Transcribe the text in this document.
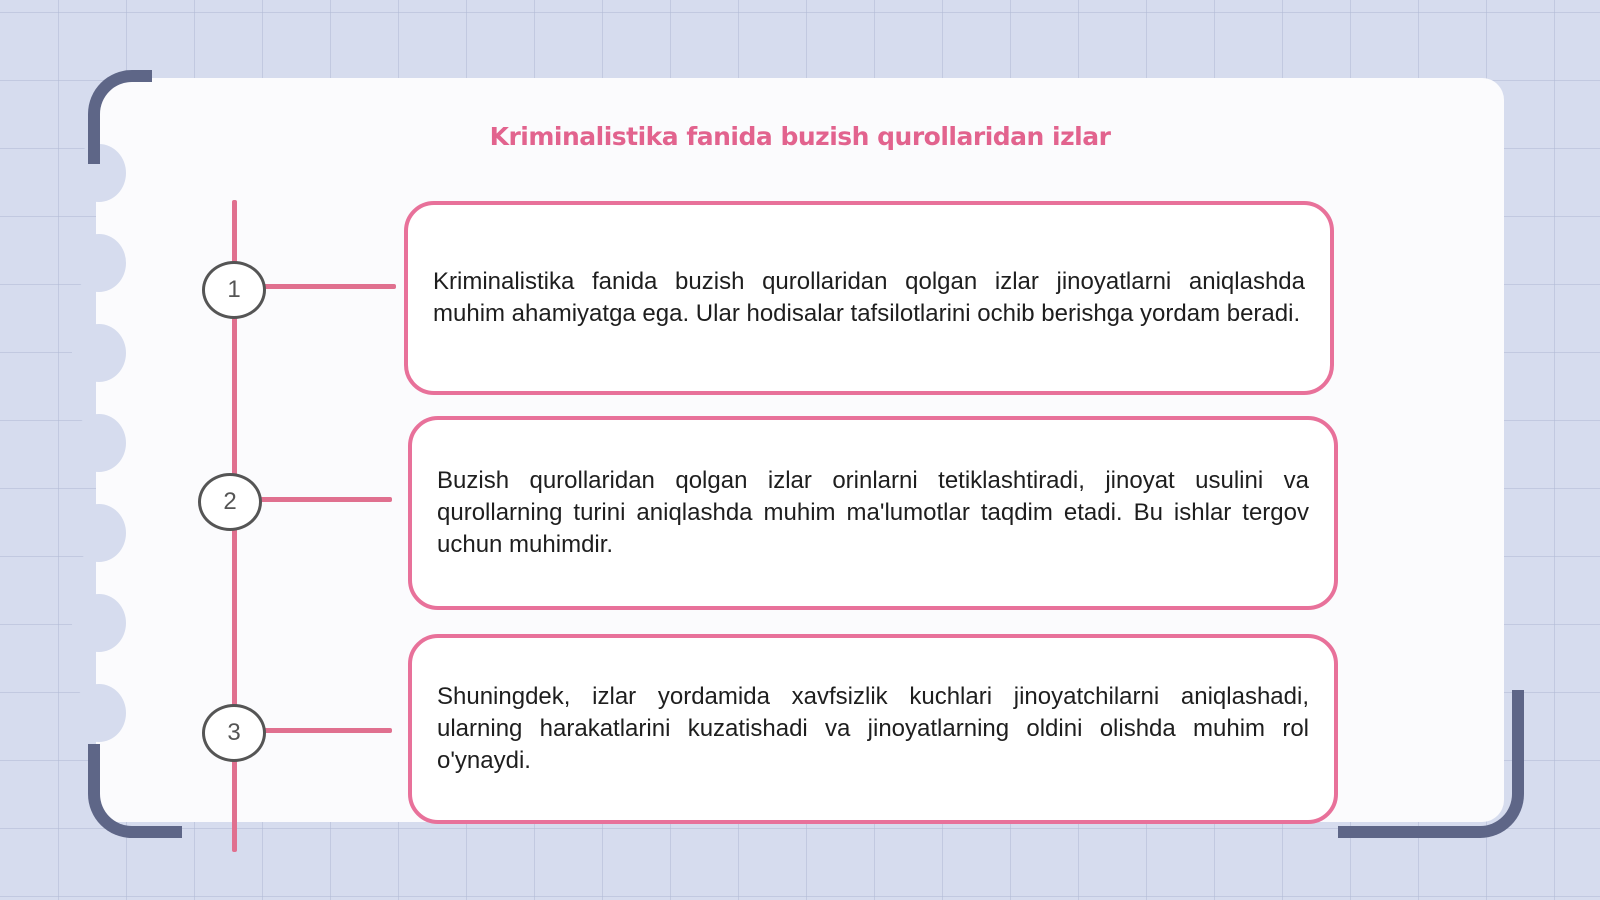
Kriminalistika fanida buzish qurollaridan izlar
1	Kriminalistika fanida buzish qurollaridan qolgan izlar jinoyatlarni aniqlashda muhim ahamiyatga ega. Ular hodisalar tafsilotlarini ochib berishga yordam beradi.

2

Buzish qurollaridan qolgan izlar orinlarni tetiklashtiradi, jinoyat usulini va qurollarning turini aniqlashda muhim ma'lumotlar taqdim etadi. Bu ishlar tergov uchun muhimdir.

3

Shuningdek, izlar yordamida xavfsizlik kuchlari jinoyatchilarni aniqlashadi, ularning harakatlarini kuzatishadi va jinoyatlarning oldini olishda muhim rol o'ynaydi.
